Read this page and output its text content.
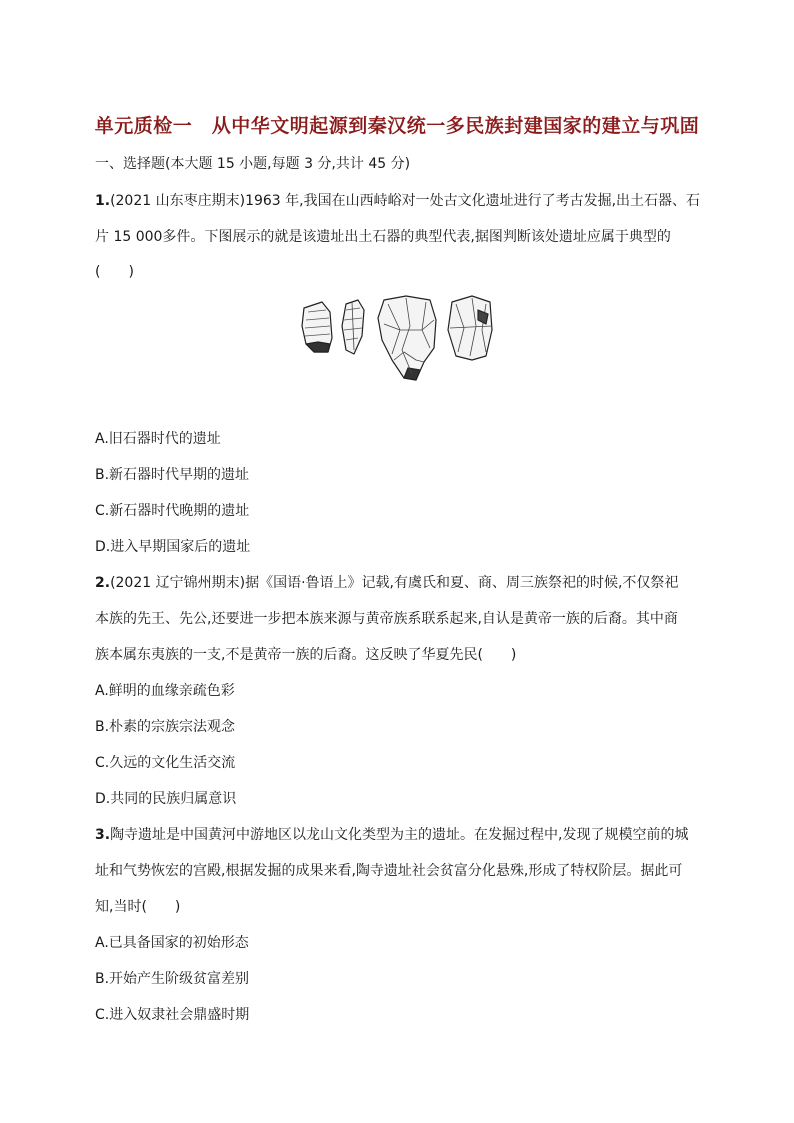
单元质检一　从中华文明起源到秦汉统一多民族封建国家的建立与巩固
一、选择题(本大题 15 小题,每题 3 分,共计 45 分)
1.(2021 山东枣庄期末)1963 年,我国在山西峙峪对一处古文化遗址进行了考古发掘,出土石器、石
片 15 000多件。下图展示的就是该遗址出土石器的典型代表,据图判断该处遗址应属于典型的
(　　)
A.旧石器时代的遗址
B.新石器时代早期的遗址
C.新石器时代晚期的遗址
D.进入早期国家后的遗址
2.(2021 辽宁锦州期末)据《国语·鲁语上》记载,有虞氏和夏、商、周三族祭祀的时候,不仅祭祀
本族的先王、先公,还要进一步把本族来源与黄帝族系联系起来,自认是黄帝一族的后裔。其中商
族本属东夷族的一支,不是黄帝一族的后裔。这反映了华夏先民(　　)
A.鲜明的血缘亲疏色彩
B.朴素的宗族宗法观念
C.久远的文化生活交流
D.共同的民族归属意识
3.陶寺遗址是中国黄河中游地区以龙山文化类型为主的遗址。在发掘过程中,发现了规模空前的城
址和气势恢宏的宫殿,根据发掘的成果来看,陶寺遗址社会贫富分化悬殊,形成了特权阶层。据此可
知,当时(　　)
A.已具备国家的初始形态
B.开始产生阶级贫富差别
C.进入奴隶社会鼎盛时期
